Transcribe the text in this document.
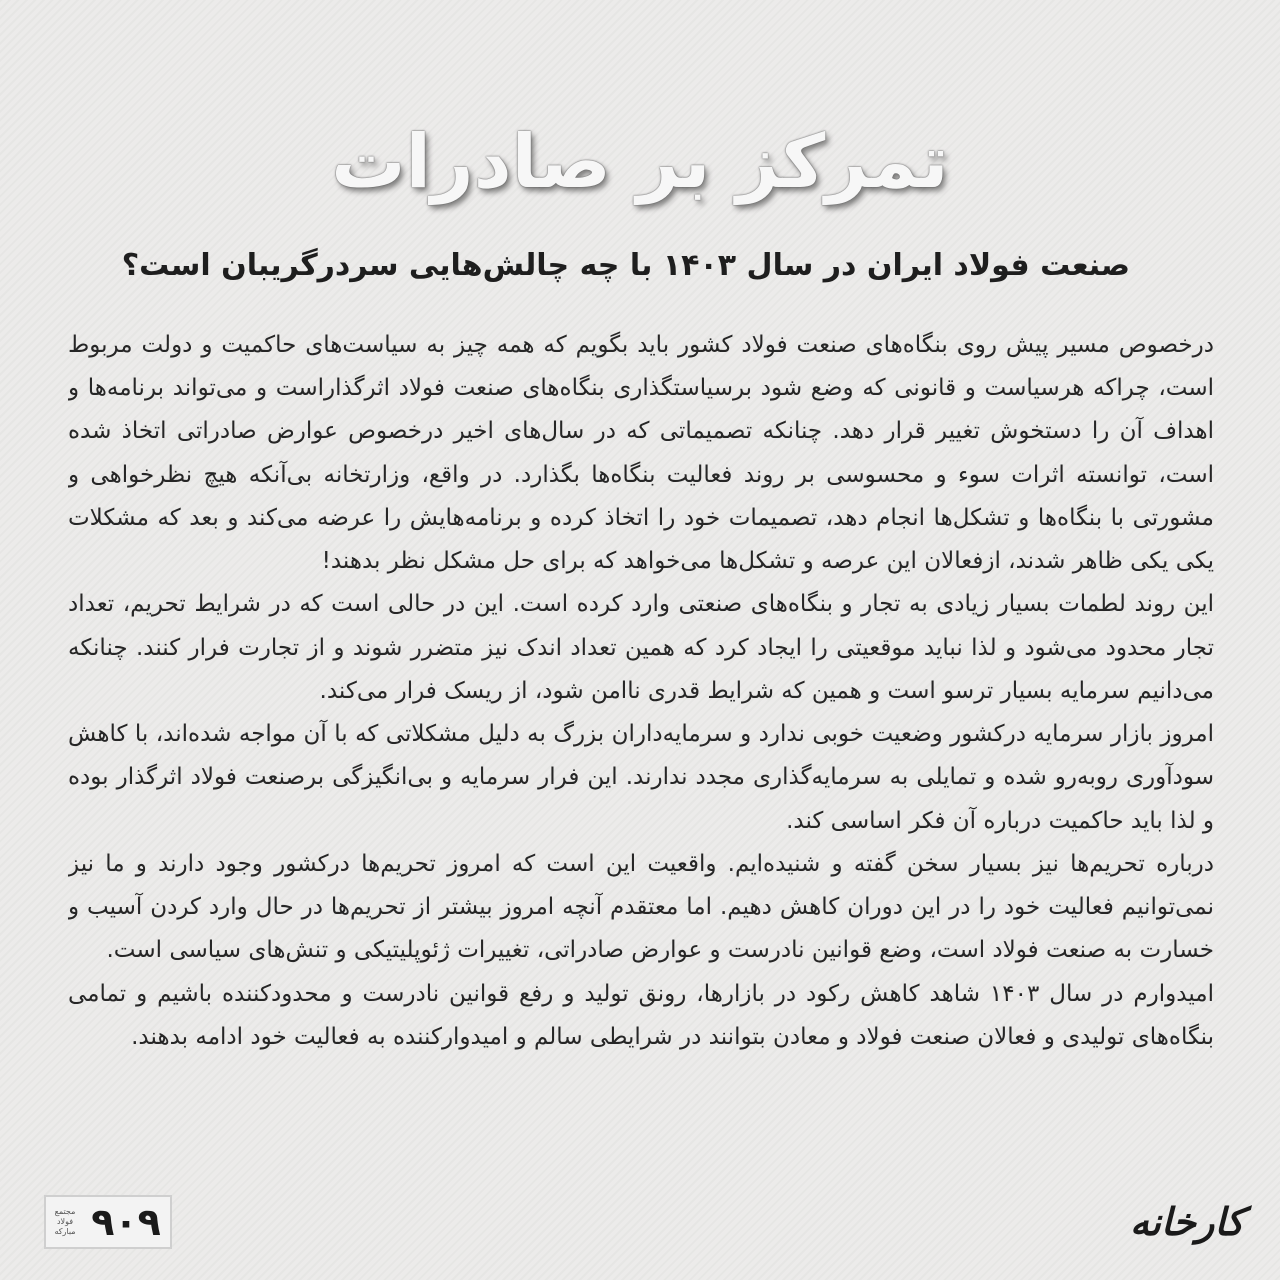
تمرکز بر صادرات
صنعت فولاد ایران در سال ۱۴۰۳ با چه چالش‌هایی سردرگریبان است؟

درخصوص مسیر پیش روی بنگاه‌های صنعت فولاد کشور باید بگویم که همه چیز به سیاست‌های حاکمیت و دولت مربوط است، چراکه هرسیاست و قانونی که وضع شود برسیاستگذاری بنگاه‌های صنعت فولاد اثرگذاراست و می‌تواند برنامه‌ها و اهداف آن را دستخوش تغییر قرار دهد. چنانکه تصمیماتی که در سال‌های اخیر درخصوص عوارض صادراتی اتخاذ شده است، توانسته اثرات سوء و محسوسی بر روند فعالیت بنگاه‌ها بگذارد. در واقع، وزارتخانه بی‌آنکه هیچ نظرخواهی و مشورتی با بنگاه‌ها و تشکل‌ها انجام دهد، تصمیمات خود را اتخاذ کرده و برنامه‌هایش را عرضه می‌کند و بعد که مشکلات یکی یکی ظاهر شدند، ازفعالان این عرصه و تشکل‌ها می‌خواهد که برای حل مشکل نظر بدهند!

این روند لطمات بسیار زیادی به تجار و بنگاه‌های صنعتی وارد کرده است. این در حالی است که در شرایط تحریم، تعداد تجار محدود می‌شود و لذا نباید موقعیتی را ایجاد کرد که همین تعداد اندک نیز متضرر شوند و از تجارت فرار کنند. چنانکه می‌دانیم سرمایه بسیار ترسو است و همین که شرایط قدری ناامن شود، از ریسک فرار می‌کند.

امروز بازار سرمایه درکشور وضعیت خوبی ندارد و سرمایه‌داران بزرگ به دلیل مشکلاتی که با آن مواجه شده‌اند، با کاهش سودآوری روبه‌رو شده و تمایلی به سرمایه‌گذاری مجدد ندارند. این فرار سرمایه و بی‌انگیزگی برصنعت فولاد اثرگذار بوده و لذا باید حاکمیت درباره آن فکر اساسی کند.

درباره تحریم‌ها نیز بسیار سخن گفته و شنیده‌ایم. واقعیت این است که امروز تحریم‌ها درکشور وجود دارند و ما نیز نمی‌توانیم فعالیت خود را در این دوران کاهش دهیم. اما معتقدم آنچه امروز بیشتر از تحریم‌ها در حال وارد کردن آسیب و خسارت به صنعت فولاد است، وضع قوانین نادرست و عوارض صادراتی، تغییرات ژئوپلیتیکی و تنش‌های سیاسی است.

امیدوارم در سال ۱۴۰۳ شاهد کاهش رکود در بازارها، رونق تولید و رفع قوانین نادرست و محدودکننده باشیم و تمامی بنگاه‌های تولیدی و فعالان صنعت فولاد و معادن بتوانند در شرایطی سالم و امیدوارکننده به فعالیت خود ادامه بدهند.

مجتمع
فولاد
مبارکه ۹۰۹	کارخانه
